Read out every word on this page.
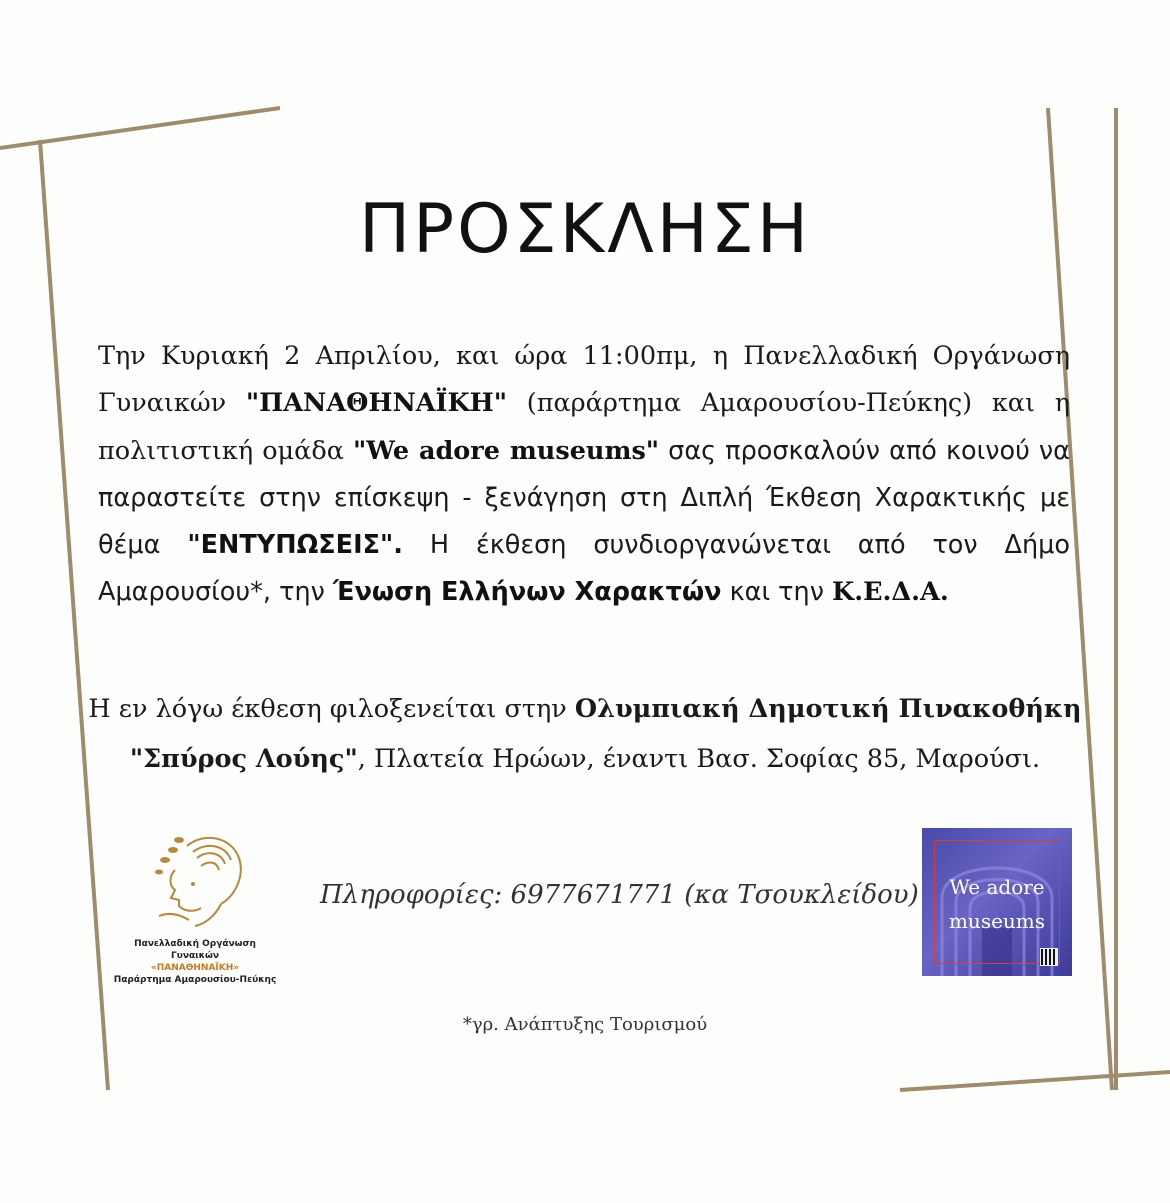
ΠΡΟΣΚΛΗΣΗ

Την Κυριακή 2 Απριλίου, και ώρα 11:00πμ, η Πανελλαδική Οργάνωση Γυναικών "ΠΑΝΑΘΗΝΑΪΚΗ" (παράρτημα Αμαρουσίου-Πεύκης) και η πολιτιστική ομάδα "We adore museums" σας προσκαλούν από κοινού να παραστείτε στην επίσκεψη - ξενάγηση στη Διπλή Έκθεση Χαρακτικής με θέμα "ΕΝΤΥΠΩΣΕΙΣ". Η έκθεση συνδιοργανώνεται από τον Δήμο Αμαρουσίου*, την Ένωση Ελλήνων Χαρακτών και την Κ.Ε.Δ.Α.

Η εν λόγω έκθεση φιλοξενείται στην Ολυμπιακή Δημοτική Πινακοθήκη "Σπύρος Λούης", Πλατεία Ηρώων, έναντι Βασ. Σοφίας 85, Μαρούσι.

Πανελλαδική Οργάνωση Γυναικών
«ΠΑΝΑΘΗΝΑΪΚΗ»
Παράρτημα Αμαρουσίου-Πεύκης
Πληροφορίες: 6977671771 (κα Τσουκλείδου)	We adore
museums
*γρ. Ανάπτυξης Τουρισμού
